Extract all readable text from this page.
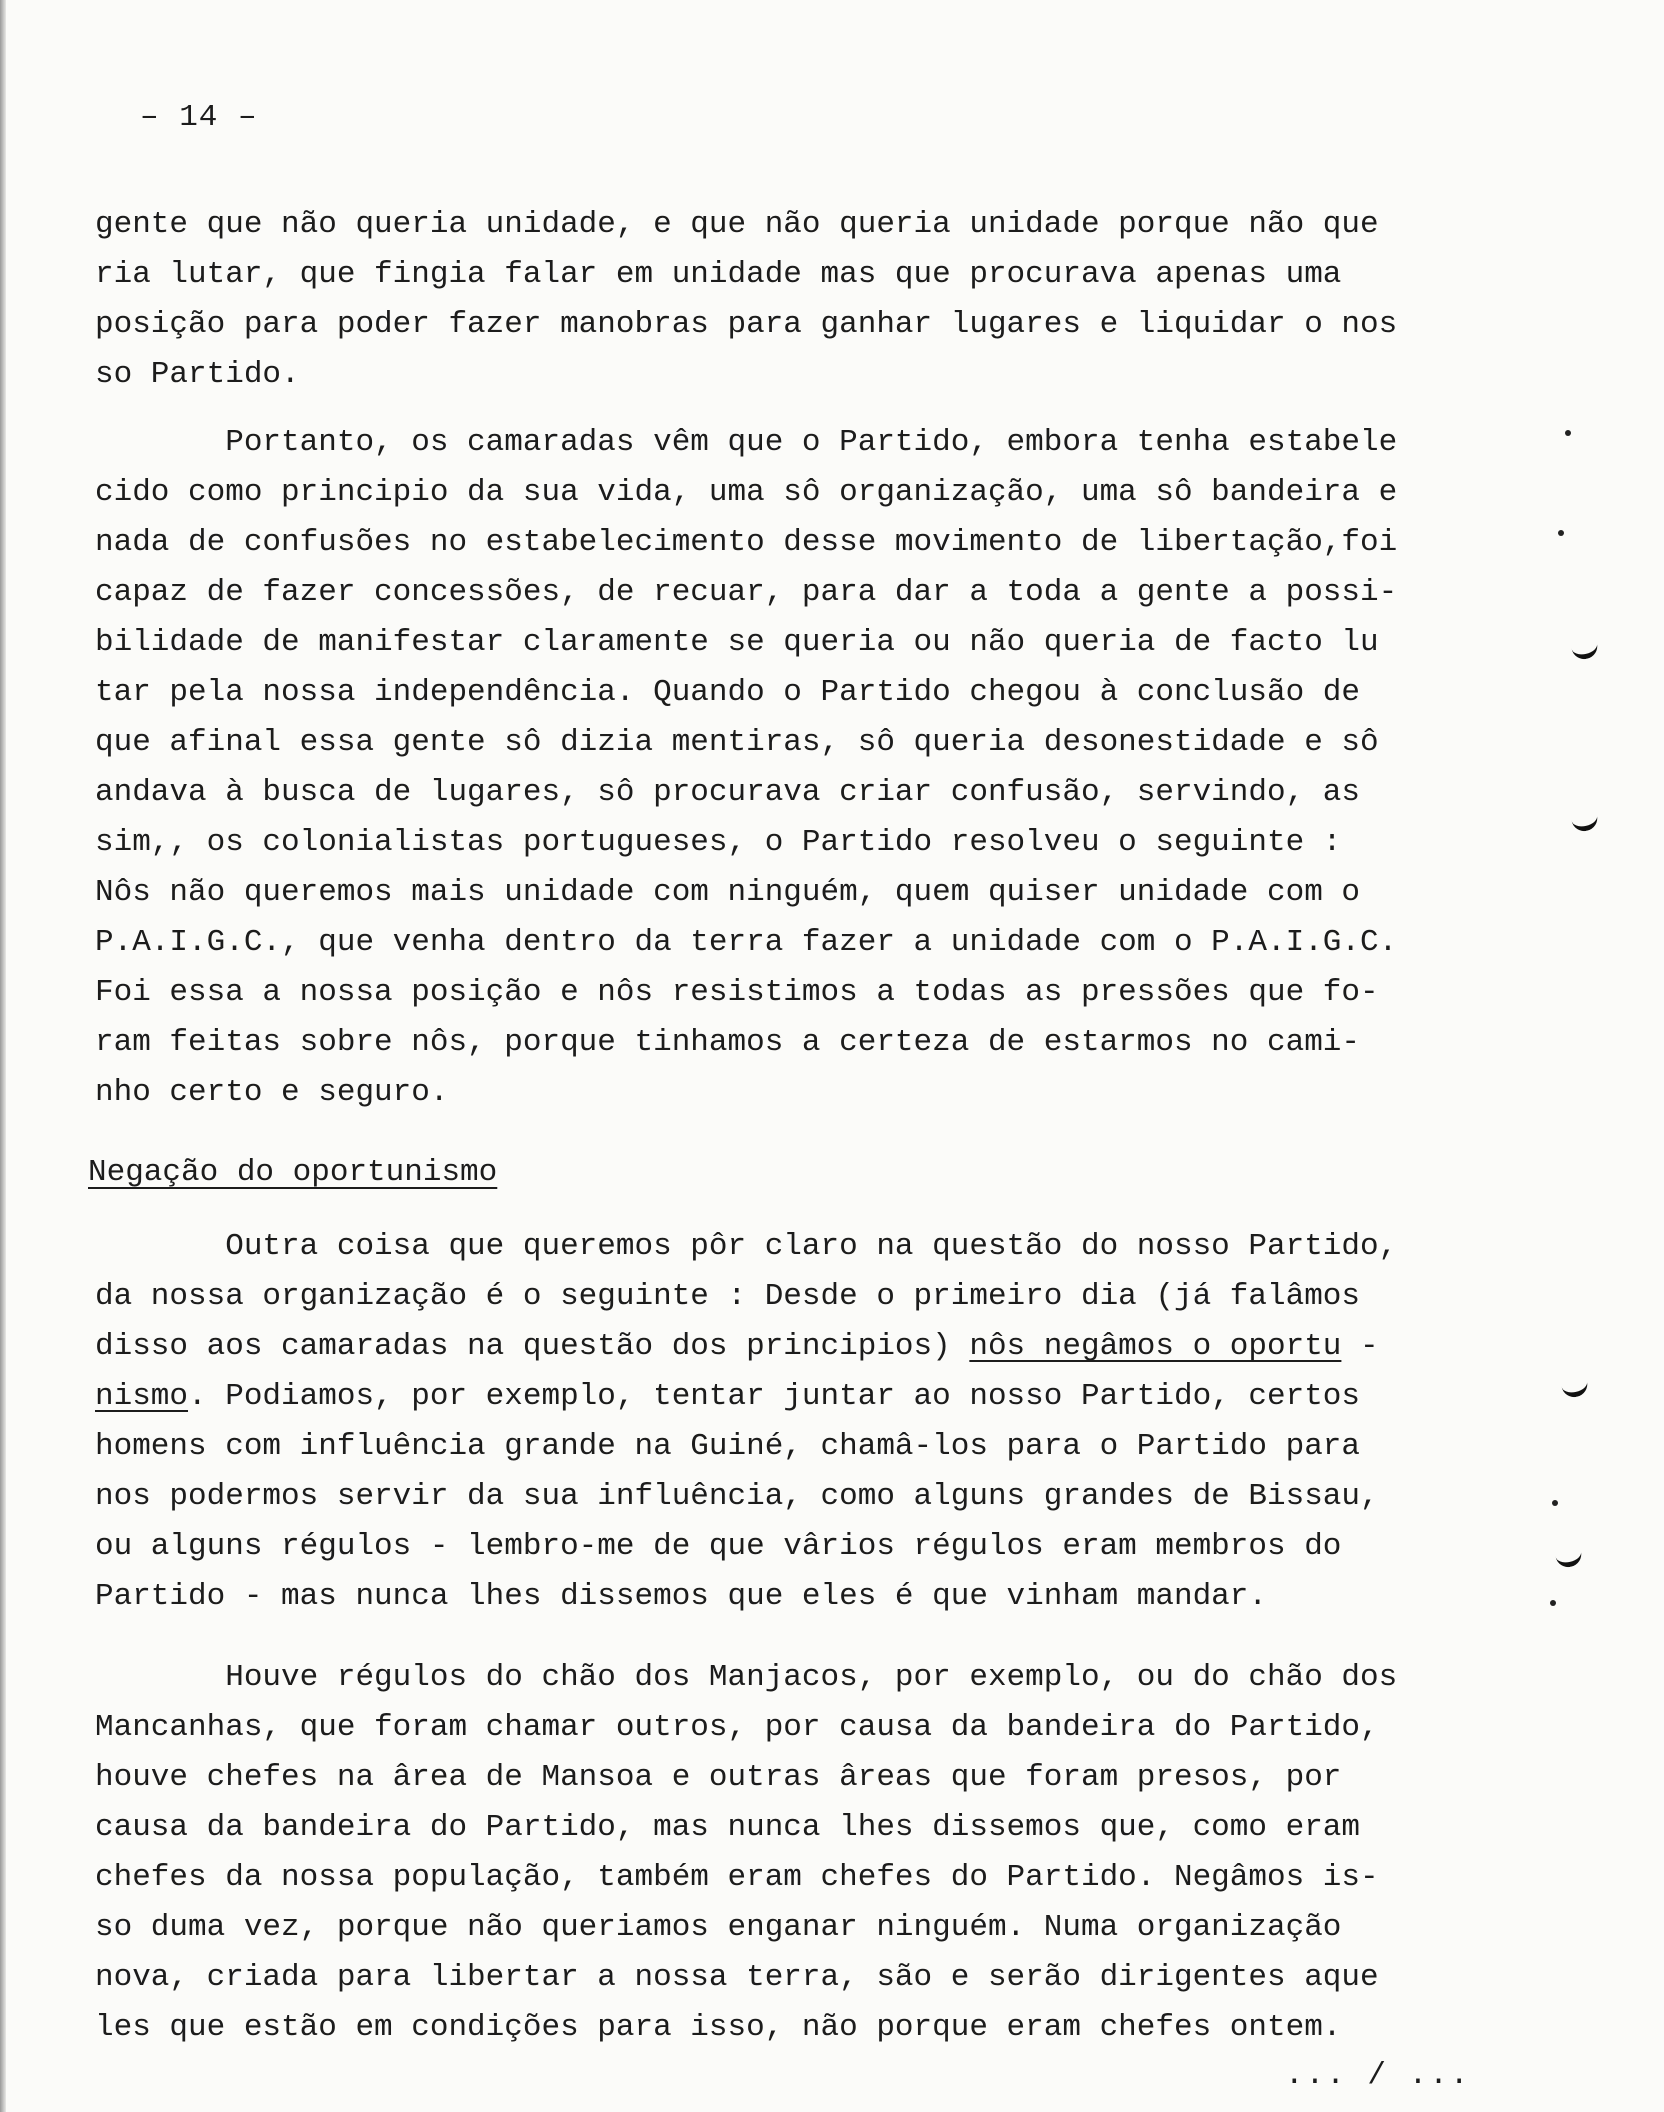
– 14 –
gente que não queria unidade, e que não queria unidade porque não que
ria lutar, que fingia falar em unidade mas que procurava apenas uma
posição para poder fazer manobras para ganhar lugares e liquidar o nos
so Partido.
Portanto, os camaradas vêm que o Partido, embora tenha estabele
cido como principio da sua vida, uma sô organização, uma sô bandeira e
nada de confusões no estabelecimento desse movimento de libertação,foi
capaz de fazer concessões, de recuar, para dar a toda a gente a possi-
bilidade de manifestar claramente se queria ou não queria de facto lu
tar pela nossa independência. Quando o Partido chegou à conclusão de
que afinal essa gente sô dizia mentiras, sô queria desonestidade e sô
andava à busca de lugares, sô procurava criar confusão, servindo, as
sim,, os colonialistas portugueses, o Partido resolveu o seguinte :
Nôs não queremos mais unidade com ninguém, quem quiser unidade com o
P.A.I.G.C., que venha dentro da terra fazer a unidade com o P.A.I.G.C.
Foi essa a nossa posição e nôs resistimos a todas as pressões que fo-
ram feitas sobre nôs, porque tinhamos a certeza de estarmos no cami-
nho certo e seguro.
Negação do oportunismo
Outra coisa que queremos pôr claro na questão do nosso Partido,
da nossa organização é o seguinte : Desde o primeiro dia (já falâmos
disso aos camaradas na questão dos principios) nôs negâmos o oportu -
nismo. Podiamos, por exemplo, tentar juntar ao nosso Partido, certos
homens com influência grande na Guiné, chamâ-los para o Partido para
nos podermos servir da sua influência, como alguns grandes de Bissau,
ou alguns régulos - lembro-me de que vârios régulos eram membros do
Partido - mas nunca lhes dissemos que eles é que vinham mandar.
Houve régulos do chão dos Manjacos, por exemplo, ou do chão dos
Mancanhas, que foram chamar outros, por causa da bandeira do Partido,
houve chefes na ârea de Mansoa e outras âreas que foram presos, por
causa da bandeira do Partido, mas nunca lhes dissemos que, como eram
chefes da nossa população, também eram chefes do Partido. Negâmos is-
so duma vez, porque não queriamos enganar ninguém. Numa organização
nova, criada para libertar a nossa terra, são e serão dirigentes aque
les que estão em condições para isso, não porque eram chefes ontem.
... / ...
